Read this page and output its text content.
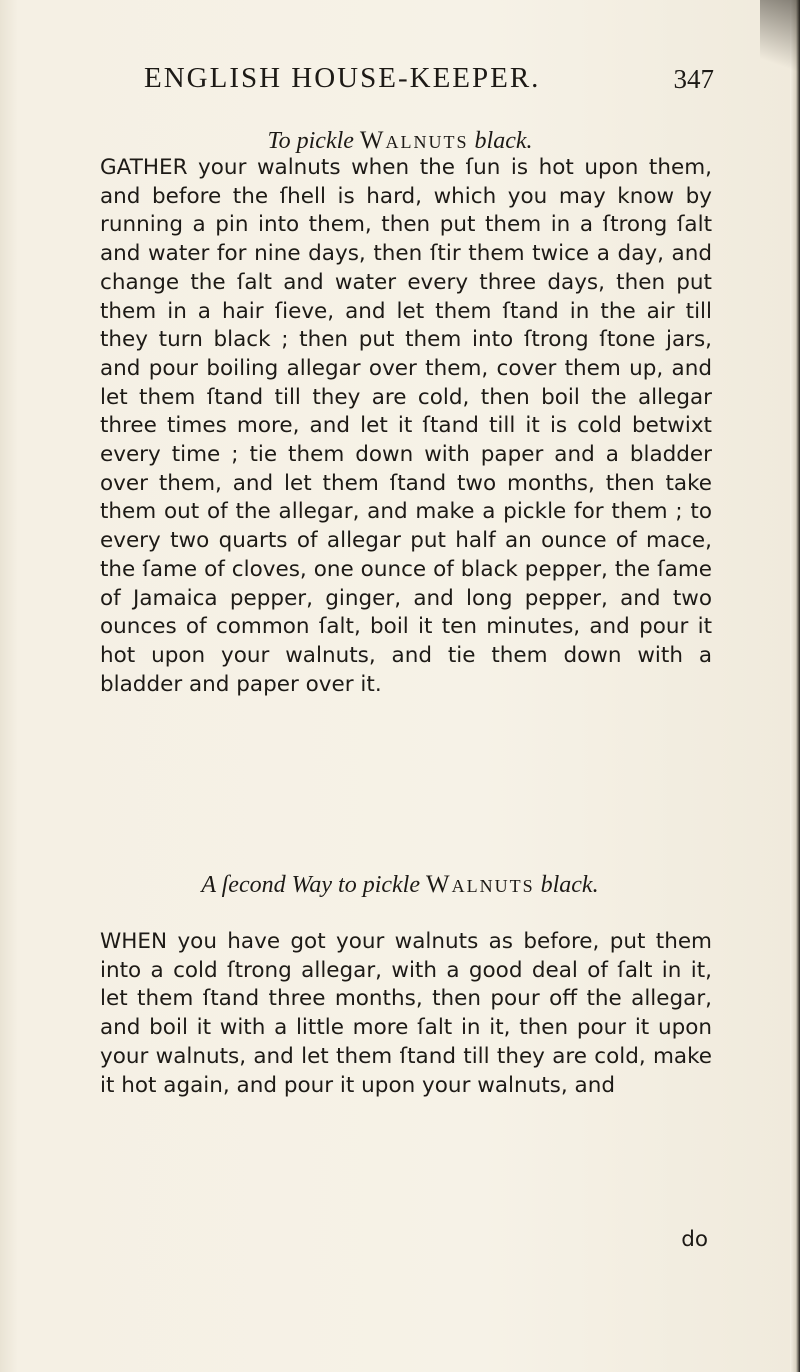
ENGLISH HOUSE-KEEPER.	347
To pickle Walnuts black.
GATHER your walnuts when the ſun is hot upon them, and before the ſhell is hard, which you may know by running a pin into them, then put them in a ſtrong ſalt and water for nine days, then ſtir them twice a day, and change the ſalt and water every three days, then put them in a hair ſieve, and let them ſtand in the air till they turn black ; then put them into ſtrong ſtone jars, and pour boiling allegar over them, cover them up, and let them ſtand till they are cold, then boil the allegar three times more, and let it ſtand till it is cold betwixt every time ; tie them down with paper and a bladder over them, and let them ſtand two months, then take them out of the allegar, and make a pickle for them ; to every two quarts of allegar put half an ounce of mace, the ſame of cloves, one ounce of black pepper, the ſame of Jamaica pepper, ginger, and long pepper, and two ounces of common ſalt, boil it ten minutes, and pour it hot upon your walnuts, and tie them down with a bladder and paper over it.
A ſecond Way to pickle Walnuts black.
WHEN you have got your walnuts as before, put them into a cold ſtrong allegar, with a good deal of ſalt in it, let them ſtand three months, then pour off the allegar, and boil it with a little more ſalt in it, then pour it upon your walnuts, and let them ſtand till they are cold, make it hot again, and pour it upon your walnuts, and
do
